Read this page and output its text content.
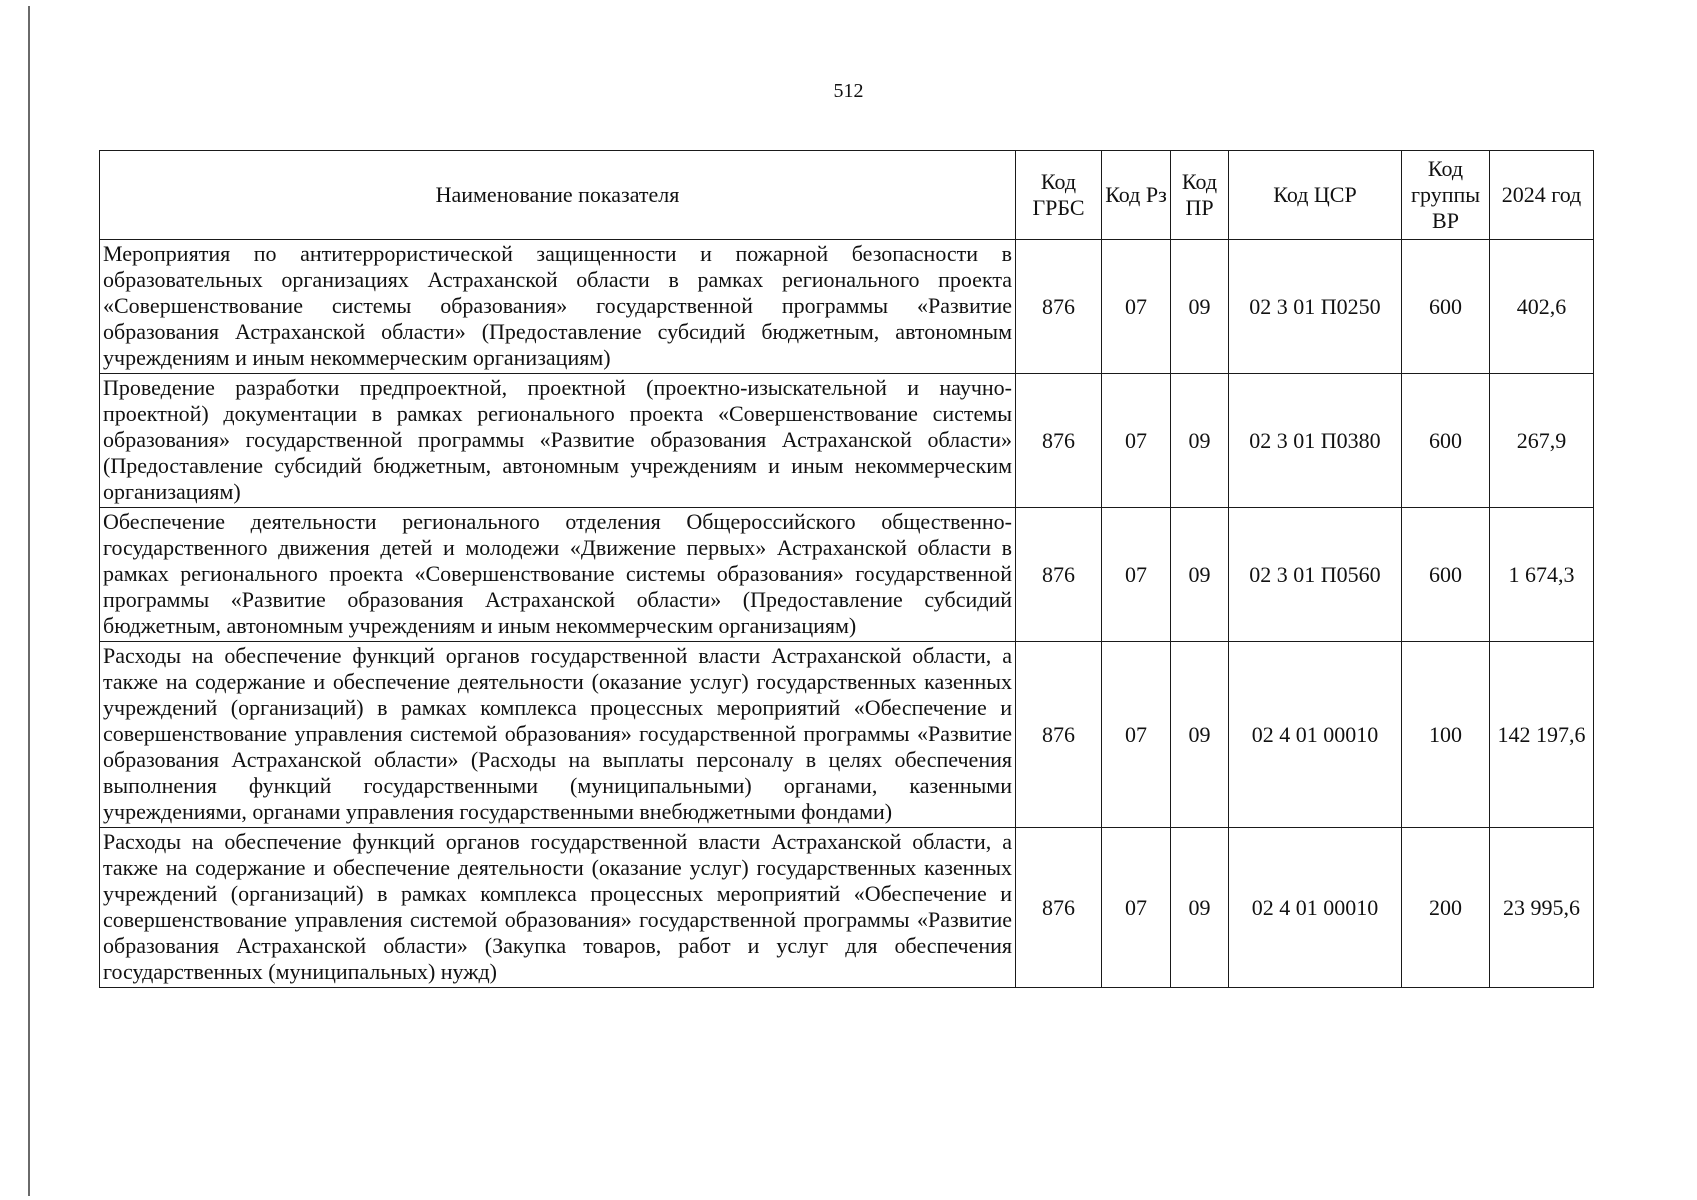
512
Наименование показателя	Код ГРБС	Код Рз	Код ПР	Код ЦСР	Код группы ВР	2024 год
Мероприятия по антитеррористической защищенности и пожарной безопасности в образовательных организациях Астраханской области в рамках регионального проекта «Совершенствование системы образования» государственной программы «Развитие образования Астраханской области» (Предоставление субсидий бюджетным, автономным учреждениям и иным некоммерческим организациям)	876	07	09	02 3 01 П0250	600	402,6
Проведение разработки предпроектной, проектной (проектно-изыскательной и научно-проектной) документации в рамках регионального проекта «Совершенствование системы образования» государственной программы «Развитие образования Астраханской области» (Предоставление субсидий бюджетным, автономным учреждениям и иным некоммерческим организациям)	876	07	09	02 3 01 П0380	600	267,9
Обеспечение деятельности регионального отделения Общероссийского общественно-государственного движения детей и молодежи «Движение первых» Астраханской области в рамках регионального проекта «Совершенствование системы образования» государственной программы «Развитие образования Астраханской области» (Предоставление субсидий бюджетным, автономным учреждениям и иным некоммерческим организациям)	876	07	09	02 3 01 П0560	600	1 674,3
Расходы на обеспечение функций органов государственной власти Астраханской области, а также на содержание и обеспечение деятельности (оказание услуг) государственных казенных учреждений (организаций) в рамках комплекса процессных мероприятий «Обеспечение и совершенствование управления системой образования» государственной программы «Развитие образования Астраханской области» (Расходы на выплаты персоналу в целях обеспечения выполнения функций государственными (муниципальными) органами, казенными учреждениями, органами управления государственными внебюджетными фондами)	876	07	09	02 4 01 00010	100	142 197,6
Расходы на обеспечение функций органов государственной власти Астраханской области, а также на содержание и обеспечение деятельности (оказание услуг) государственных казенных учреждений (организаций) в рамках комплекса процессных мероприятий «Обеспечение и совершенствование управления системой образования» государственной программы «Развитие образования Астраханской области» (Закупка товаров, работ и услуг для обеспечения государственных (муниципальных) нужд)	876	07	09	02 4 01 00010	200	23 995,6
